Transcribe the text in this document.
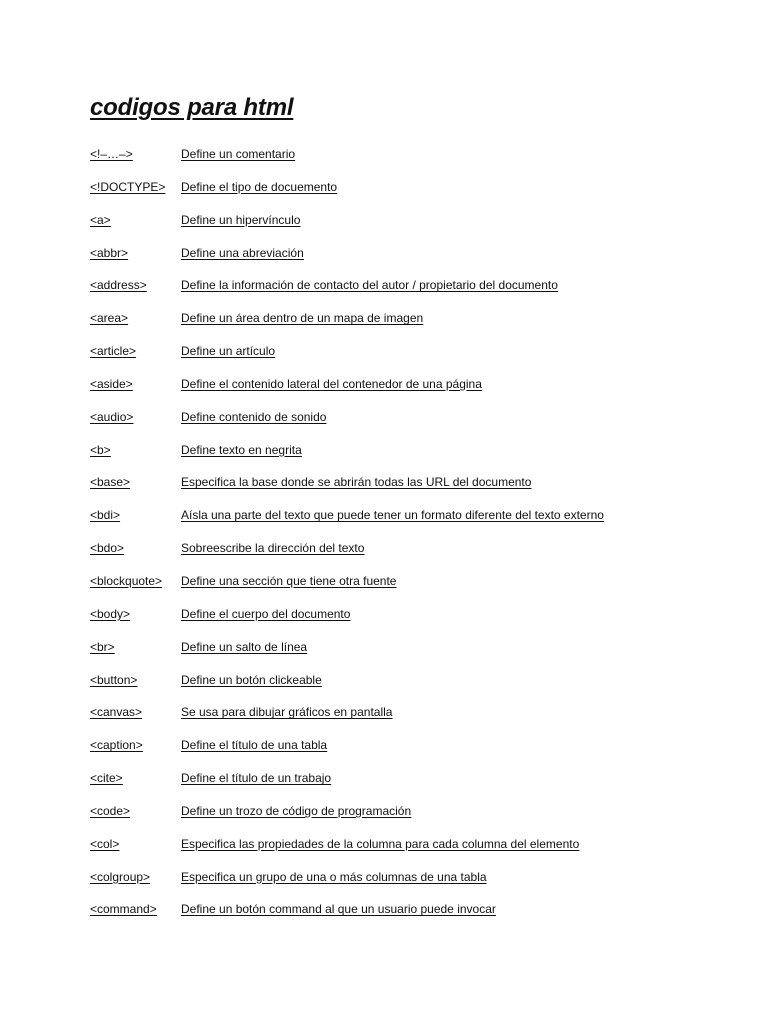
codigos para html
<!–…–>	Define un comentario
<!DOCTYPE>	Define el tipo de docuemento
<a>	Define un hipervínculo
<abbr>	Define una abreviación
<address>	Define la información de contacto del autor / propietario del documento
<area>	Define un área dentro de un mapa de imagen
<article>	Define un artículo
<aside>	Define el contenido lateral del contenedor de una página
<audio>	Define contenido de sonido
<b>	Define texto en negrita
<base>	Especifica la base donde se abrirán todas las URL del documento
<bdi>	Aísla una parte del texto que puede tener un formato diferente del texto externo
<bdo>	Sobreescribe la dirección del texto
<blockquote>	Define una sección que tiene otra fuente
<body>	Define el cuerpo del documento
<br>	Define un salto de línea
<button>	Define un botón clickeable
<canvas>	Se usa para dibujar gráficos en pantalla
<caption>	Define el título de una tabla
<cite>	Define el título de un trabajo
<code>	Define un trozo de código de programación
<col>	Especifica las propiedades de la columna para cada columna del elemento
<colgroup>	Especifica un grupo de una o más columnas de una tabla
<command>	Define un botón command al que un usuario puede invocar
